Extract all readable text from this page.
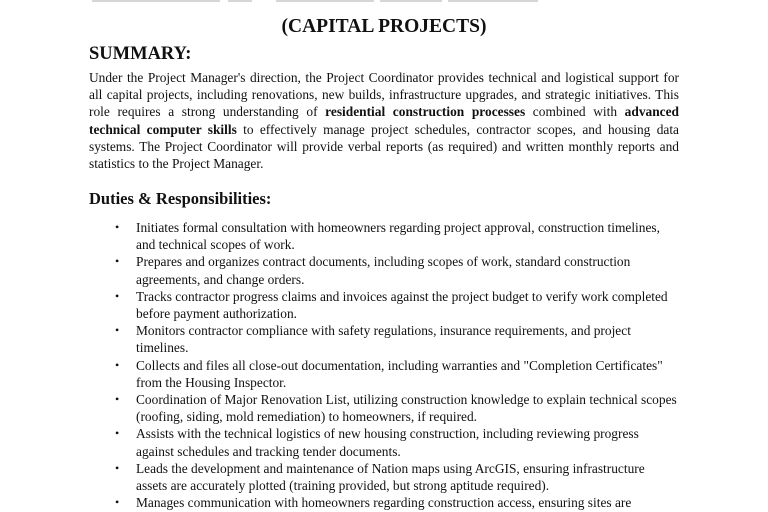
(CAPITAL PROJECTS)
SUMMARY:
Under the Project Manager's direction, the Project Coordinator provides technical and logistical support for all capital projects, including renovations, new builds, infrastructure upgrades, and strategic initiatives. This role requires a strong understanding of residential construction processes combined with advanced technical computer skills to effectively manage project schedules, contractor scopes, and housing data systems. The Project Coordinator will provide verbal reports (as required) and written monthly reports and statistics to the Project Manager.
Duties & Responsibilities:
• Initiates formal consultation with homeowners regarding project approval, construction timelines, and technical scopes of work.
• Prepares and organizes contract documents, including scopes of work, standard construction agreements, and change orders.
• Tracks contractor progress claims and invoices against the project budget to verify work completed before payment authorization.
• Monitors contractor compliance with safety regulations, insurance requirements, and project timelines.
• Collects and files all close-out documentation, including warranties and "Completion Certificates" from the Housing Inspector.
• Coordination of Major Renovation List, utilizing construction knowledge to explain technical scopes (roofing, siding, mold remediation) to homeowners, if required.
• Assists with the technical logistics of new housing construction, including reviewing progress against schedules and tracking tender documents.
• Leads the development and maintenance of Nation maps using ArcGIS, ensuring infrastructure assets are accurately plotted (training provided, but strong aptitude required).
• Manages communication with homeowners regarding construction access, ensuring sites are
